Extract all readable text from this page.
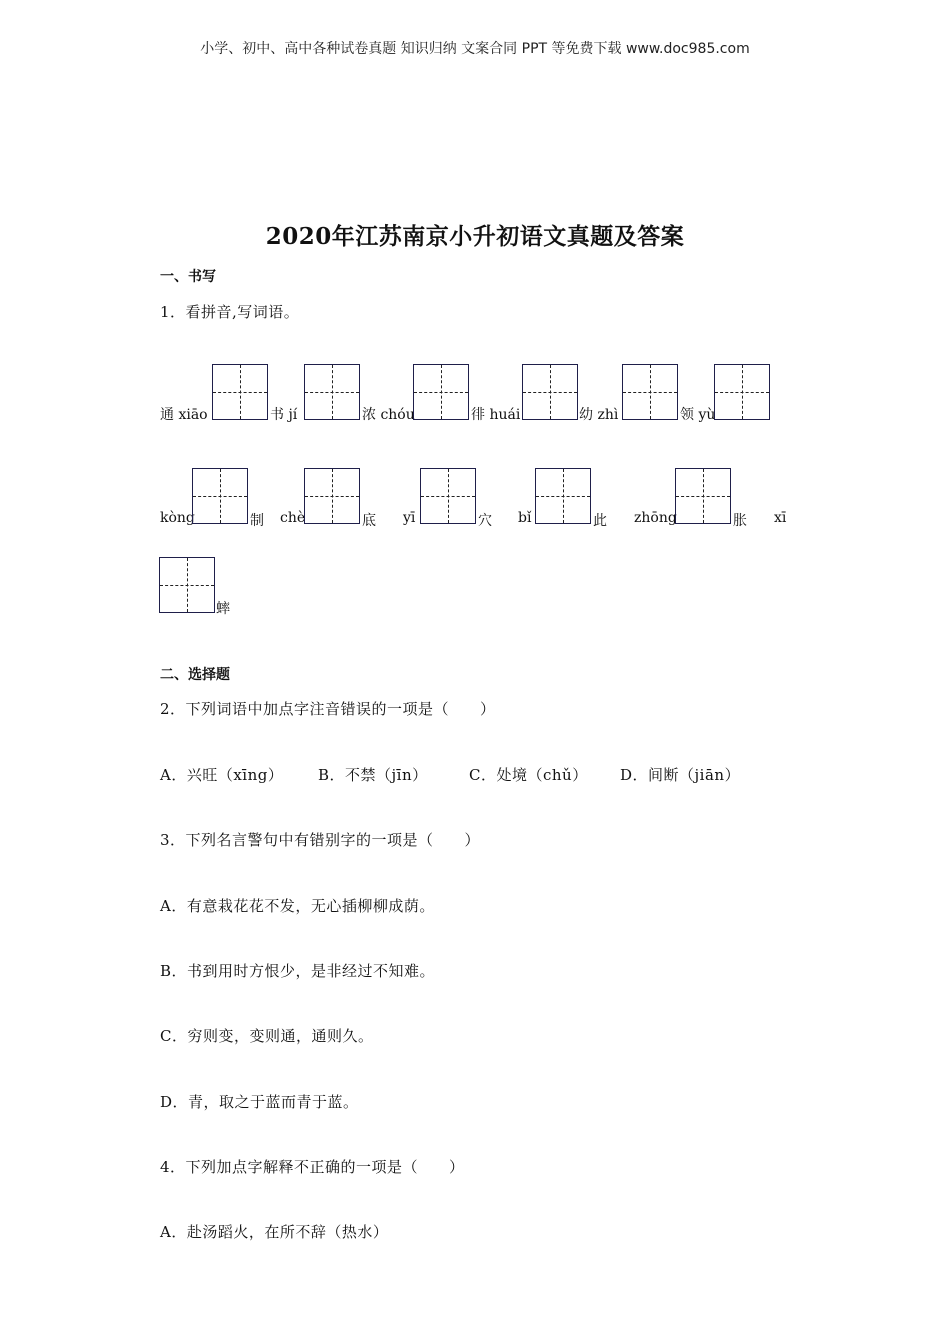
小学、初中、高中各种试卷真题 知识归纳 文案合同 PPT 等免费下载 www.doc985.com
2020年江苏南京小升初语文真题及答案
一、书写
1．看拼音,写词语。
通 xiāo	书 jí	浓 chóu	徘 huái	幼 zhì	领 yù
kòng	制 chè	底 yī	穴 bǐ	此 zhōng	胀 xī
蟀
二、选择题
2．下列词语中加点字注音错误的一项是（　　）
A．兴旺（xīng） B．不禁（jīn）	C．处境（chǔ） D．间断（jiān）
3．下列名言警句中有错别字的一项是（　　）
A．有意栽花花不发，无心插柳柳成荫。
B．书到用时方恨少，是非经过不知难。
C．穷则变，变则通，通则久。
D．青，取之于蓝而青于蓝。
4．下列加点字解释不正确的一项是（　　）
A．赴汤蹈火，在所不辞（热水）
